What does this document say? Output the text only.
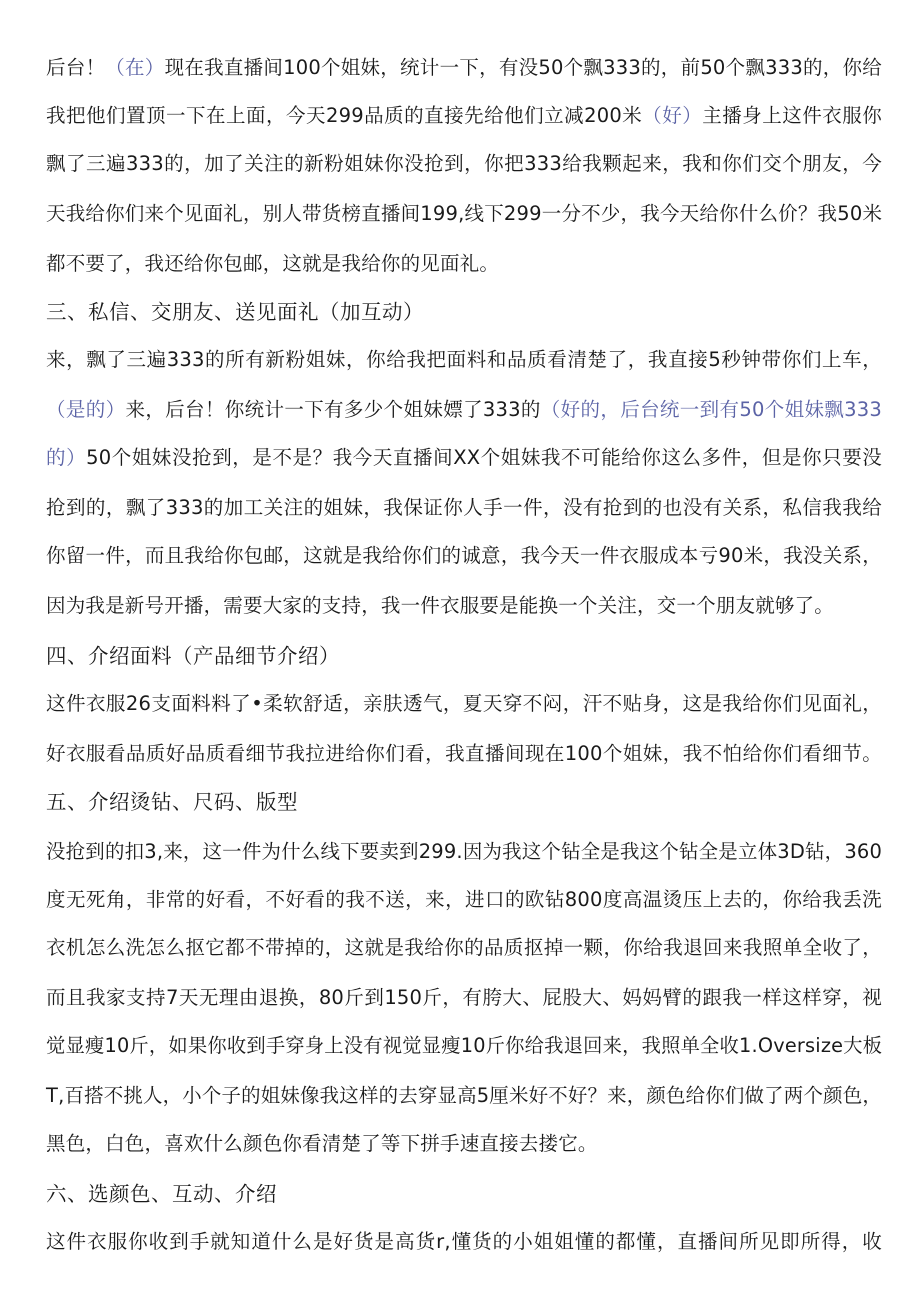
后台！（在）现在我直播间100个姐妹，统计一下，有没50个飘333的，前50个飘333的，你给
我把他们置顶一下在上面，今天299品质的直接先给他们立减200米（好）主播身上这件衣服你
飘了三遍333的，加了关注的新粉姐妹你没抢到，你把333给我颗起来，我和你们交个朋友，今
天我给你们来个见面礼，别人带货榜直播间199,线下299一分不少，我今天给你什么价？我50米
都不要了，我还给你包邮，这就是我给你的见面礼。
三、私信、交朋友、送见面礼（加互动）
来，飘了三遍333的所有新粉姐妹，你给我把面料和品质看清楚了，我直接5秒钟带你们上车，
（是的）来，后台！你统计一下有多少个姐妹嫖了333的（好的，后台统一到有50个姐妹飘333
的）50个姐妹没抢到，是不是？我今天直播间XX个姐妹我不可能给你这么多件，但是你只要没
抢到的，飘了333的加工关注的姐妹，我保证你人手一件，没有抢到的也没有关系，私信我我给
你留一件，而且我给你包邮，这就是我给你们的诚意，我今天一件衣服成本亏90米，我没关系，
因为我是新号开播，需要大家的支持，我一件衣服要是能换一个关注，交一个朋友就够了。
四、介绍面料（产品细节介绍）
这件衣服26支面料料了•柔软舒适，亲肤透气，夏天穿不闷，汗不贴身，这是我给你们见面礼，
好衣服看品质好品质看细节我拉进给你们看，我直播间现在100个姐妹，我不怕给你们看细节。
五、介绍烫钻、尺码、版型
没抢到的扣3,来，这一件为什么线下要卖到299.因为我这个钻全是我这个钻全是立体3D钻，360
度无死角，非常的好看，不好看的我不送，来，进口的欧钻800度高温烫压上去的，你给我丢洗
衣机怎么洗怎么抠它都不带掉的，这就是我给你的品质抠掉一颗，你给我退回来我照单全收了，
而且我家支持7天无理由退换，80斤到150斤，有胯大、屁股大、妈妈臂的跟我一样这样穿，视
觉显瘦10斤，如果你收到手穿身上没有视觉显瘦10斤你给我退回来，我照单全收1.Oversize大板
T,百搭不挑人，小个子的姐妹像我这样的去穿显高5厘米好不好？来，颜色给你们做了两个颜色，
黑色，白色，喜欢什么颜色你看清楚了等下拼手速直接去搂它。
六、选颜色、互动、介绍
这件衣服你收到手就知道什么是好货是高货r,懂货的小姐姐懂的都懂，直播间所见即所得，收
